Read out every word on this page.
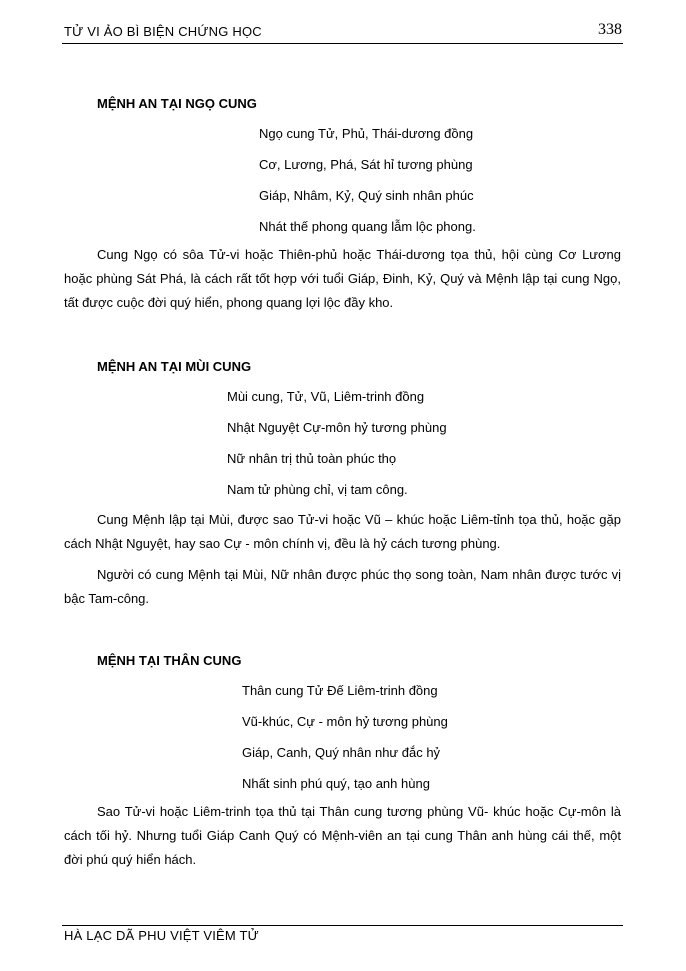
TỬ VI ẢO BÌ BIỆN CHỨNG HỌC	338
MỆNH AN TẠI NGỌ CUNG
Ngọ cung Tử, Phủ, Thái-dương đồng
Cơ, Lương, Phá, Sát hỉ tương phùng
Giáp, Nhâm, Kỷ, Quý sinh nhân phúc
Nhát thế phong quang lẫm lộc phong.

Cung Ngọ có sôa Tử-vi hoặc Thiên-phủ hoặc Thái-dương tọa thủ, hội cùng Cơ Lương hoặc phùng Sát Phá, là cách rất tốt hợp với tuổi Giáp, Đinh, Kỷ, Quý và Mệnh lập tại cung Ngọ, tất được cuộc đời quý hiển, phong quang lợi lộc đầy kho.

MỆNH AN TẠI MÙI CUNG
Mùi cung, Tử, Vũ, Liêm-trinh đồng
Nhật Nguyệt Cự-môn hỷ tương phùng
Nữ nhân trị thủ toàn phúc thọ
Nam tử phùng chỉ, vị tam công.

Cung Mệnh lập tại Mùi, được sao Tử-vi hoặc Vũ – khúc hoặc Liêm-tỉnh tọa thủ, hoặc gặp cách Nhật Nguyệt, hay sao Cự - môn chính vị, đều là hỷ cách tương phùng.

Người có cung Mệnh tại Mùi, Nữ nhân được phúc thọ song toàn, Nam nhân được tước vị bậc Tam-công.

MỆNH TẠI THÂN CUNG
Thân cung Tử Đế Liêm-trinh đồng
Vũ-khúc, Cự - môn hỷ tương phùng
Giáp, Canh, Quý nhân như đắc hỷ
Nhất sinh phú quý, tạo anh hùng

Sao Tử-vi hoặc Liêm-trinh tọa thủ tại Thân cung tương phùng Vũ- khúc hoặc Cự-môn là cách tối hỷ. Nhưng tuổi Giáp Canh Quý có Mệnh-viên an tại cung Thân anh hùng cái thế, một đời phú quý hiển hách.

HÀ LẠC DÃ PHU VIỆT VIÊM TỬ
